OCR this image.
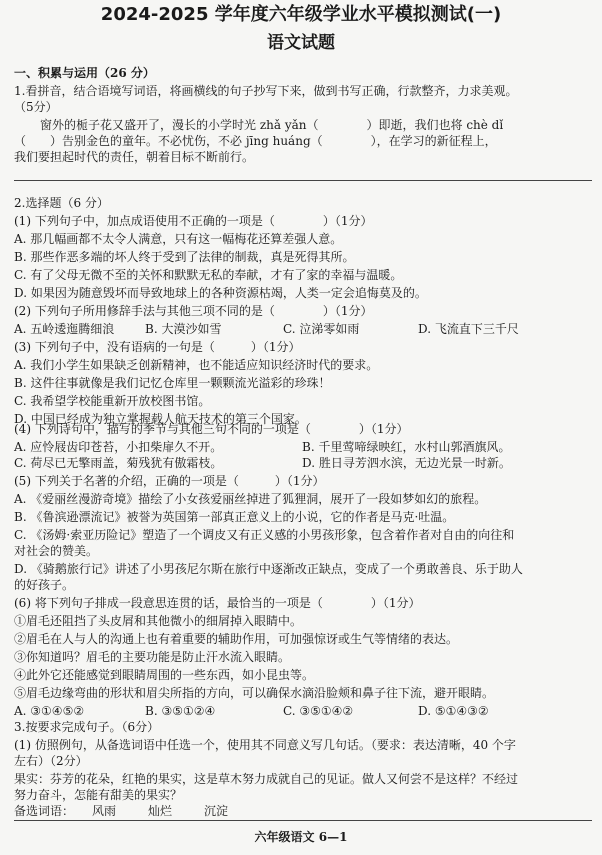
2024-2025 学年度六年级学业水平模拟测试(一)
语文试题
一、积累与运用（26 分）
1.看拼音，结合语境写词语，将画横线的句子抄写下来，做到书写正确，行款整齐，力求美观。
（5分）
窗外的栀子花又盛开了，漫长的小学时光 zhǎ yǎn（　　　　）即逝，我们也将 chè dǐ
（　　）告别金色的童年。不必忧伤，不必 jīng huáng（　　　　），在学习的新征程上，
我们要担起时代的责任，朝着目标不断前行。
2.选择题（6 分）
(1) 下列句子中，加点成语使用不正确的一项是（　　　　）（1分）
A. 那几幅画都不太令人满意，只有这一幅梅花还算差强人意。
B. 那些作恶多端的坏人终于受到了法律的制裁，真是死得其所。
C. 有了父母无微不至的关怀和默默无私的奉献，才有了家的幸福与温暖。
D. 如果因为随意毁坏而导致地球上的各种资源枯竭，人类一定会追悔莫及的。
(2) 下列句子所用修辞手法与其他三项不同的是（　　　　）（1分）
A. 五岭逶迤腾细浪	B. 大漠沙如雪	C. 泣涕零如雨	D. 飞流直下三千尺
(3) 下列句子中，没有语病的一句是（　　　）（1分）
A. 我们小学生如果缺乏创新精神，也不能适应知识经济时代的要求。
B. 这件往事就像是我们记忆仓库里一颗颗流光溢彩的珍珠！
C. 我希望学校能重新开放校图书馆。
D. 中国已经成为独立掌握载人航天技术的第三个国家。
(4) 下列诗句中，描写的季节与其他三句不同的一项是（　　　　）（1分）
A. 应怜屐齿印苍苔，小扣柴扉久不开。	B. 千里莺啼绿映红，水村山郭酒旗风。
C. 荷尽已无擎雨盖，菊残犹有傲霜枝。	D. 胜日寻芳泗水滨，无边光景一时新。
(5) 下列关于名著的介绍，正确的一项是（　　　）（1分）
A. 《爱丽丝漫游奇境》描绘了小女孩爱丽丝掉进了狐狸洞，展开了一段如梦如幻的旅程。
B. 《鲁滨逊漂流记》被誉为英国第一部真正意义上的小说，它的作者是马克·吐温。
C. 《汤姆·索亚历险记》塑造了一个调皮又有正义感的小男孩形象，包含着作者对自由的向往和
对社会的赞美。
D. 《骑鹅旅行记》讲述了小男孩尼尔斯在旅行中逐渐改正缺点，变成了一个勇敢善良、乐于助人
的好孩子。
(6) 将下列句子排成一段意思连贯的话，最恰当的一项是（　　　　）（1分）
①眉毛还阻挡了头皮屑和其他微小的细屑掉入眼睛中。
②眉毛在人与人的沟通上也有着重要的辅助作用，可加强惊讶或生气等情绪的表达。
③你知道吗？眉毛的主要功能是防止汗水流入眼睛。
④此外它还能感觉到眼睛周围的一些东西，如小昆虫等。
⑤眉毛边缘弯曲的形状和眉尖所指的方向，可以确保水滴沿脸颊和鼻子往下流，避开眼睛。
A. ③①④⑤②	B. ③⑤①②④	C. ③⑤①④②	D. ⑤①④③②
3.按要求完成句子。（6分）
(1) 仿照例句，从备选词语中任选一个，使用其不同意义写几句话。（要求：表达清晰，40 个字
左右）（2分）
果实：芬芳的花朵，红艳的果实，这是草木努力成就自己的见证。做人又何尝不是这样？不经过
努力奋斗，怎能有甜美的果实？
备选词语： 风雨	灿烂	沉淀
六年级语文 6—1
